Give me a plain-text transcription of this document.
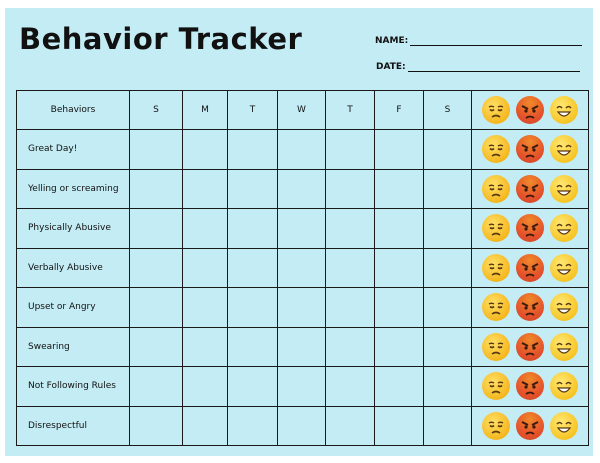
Behavior Tracker	NAME:
DATE:
Behaviors	S	M	T	W	T	F	S	

Great Day!								

Yelling or screaming								

Physically Abusive								

Verbally Abusive								

Upset or Angry								

Swearing								

Not Following Rules								

Disrespectful								
